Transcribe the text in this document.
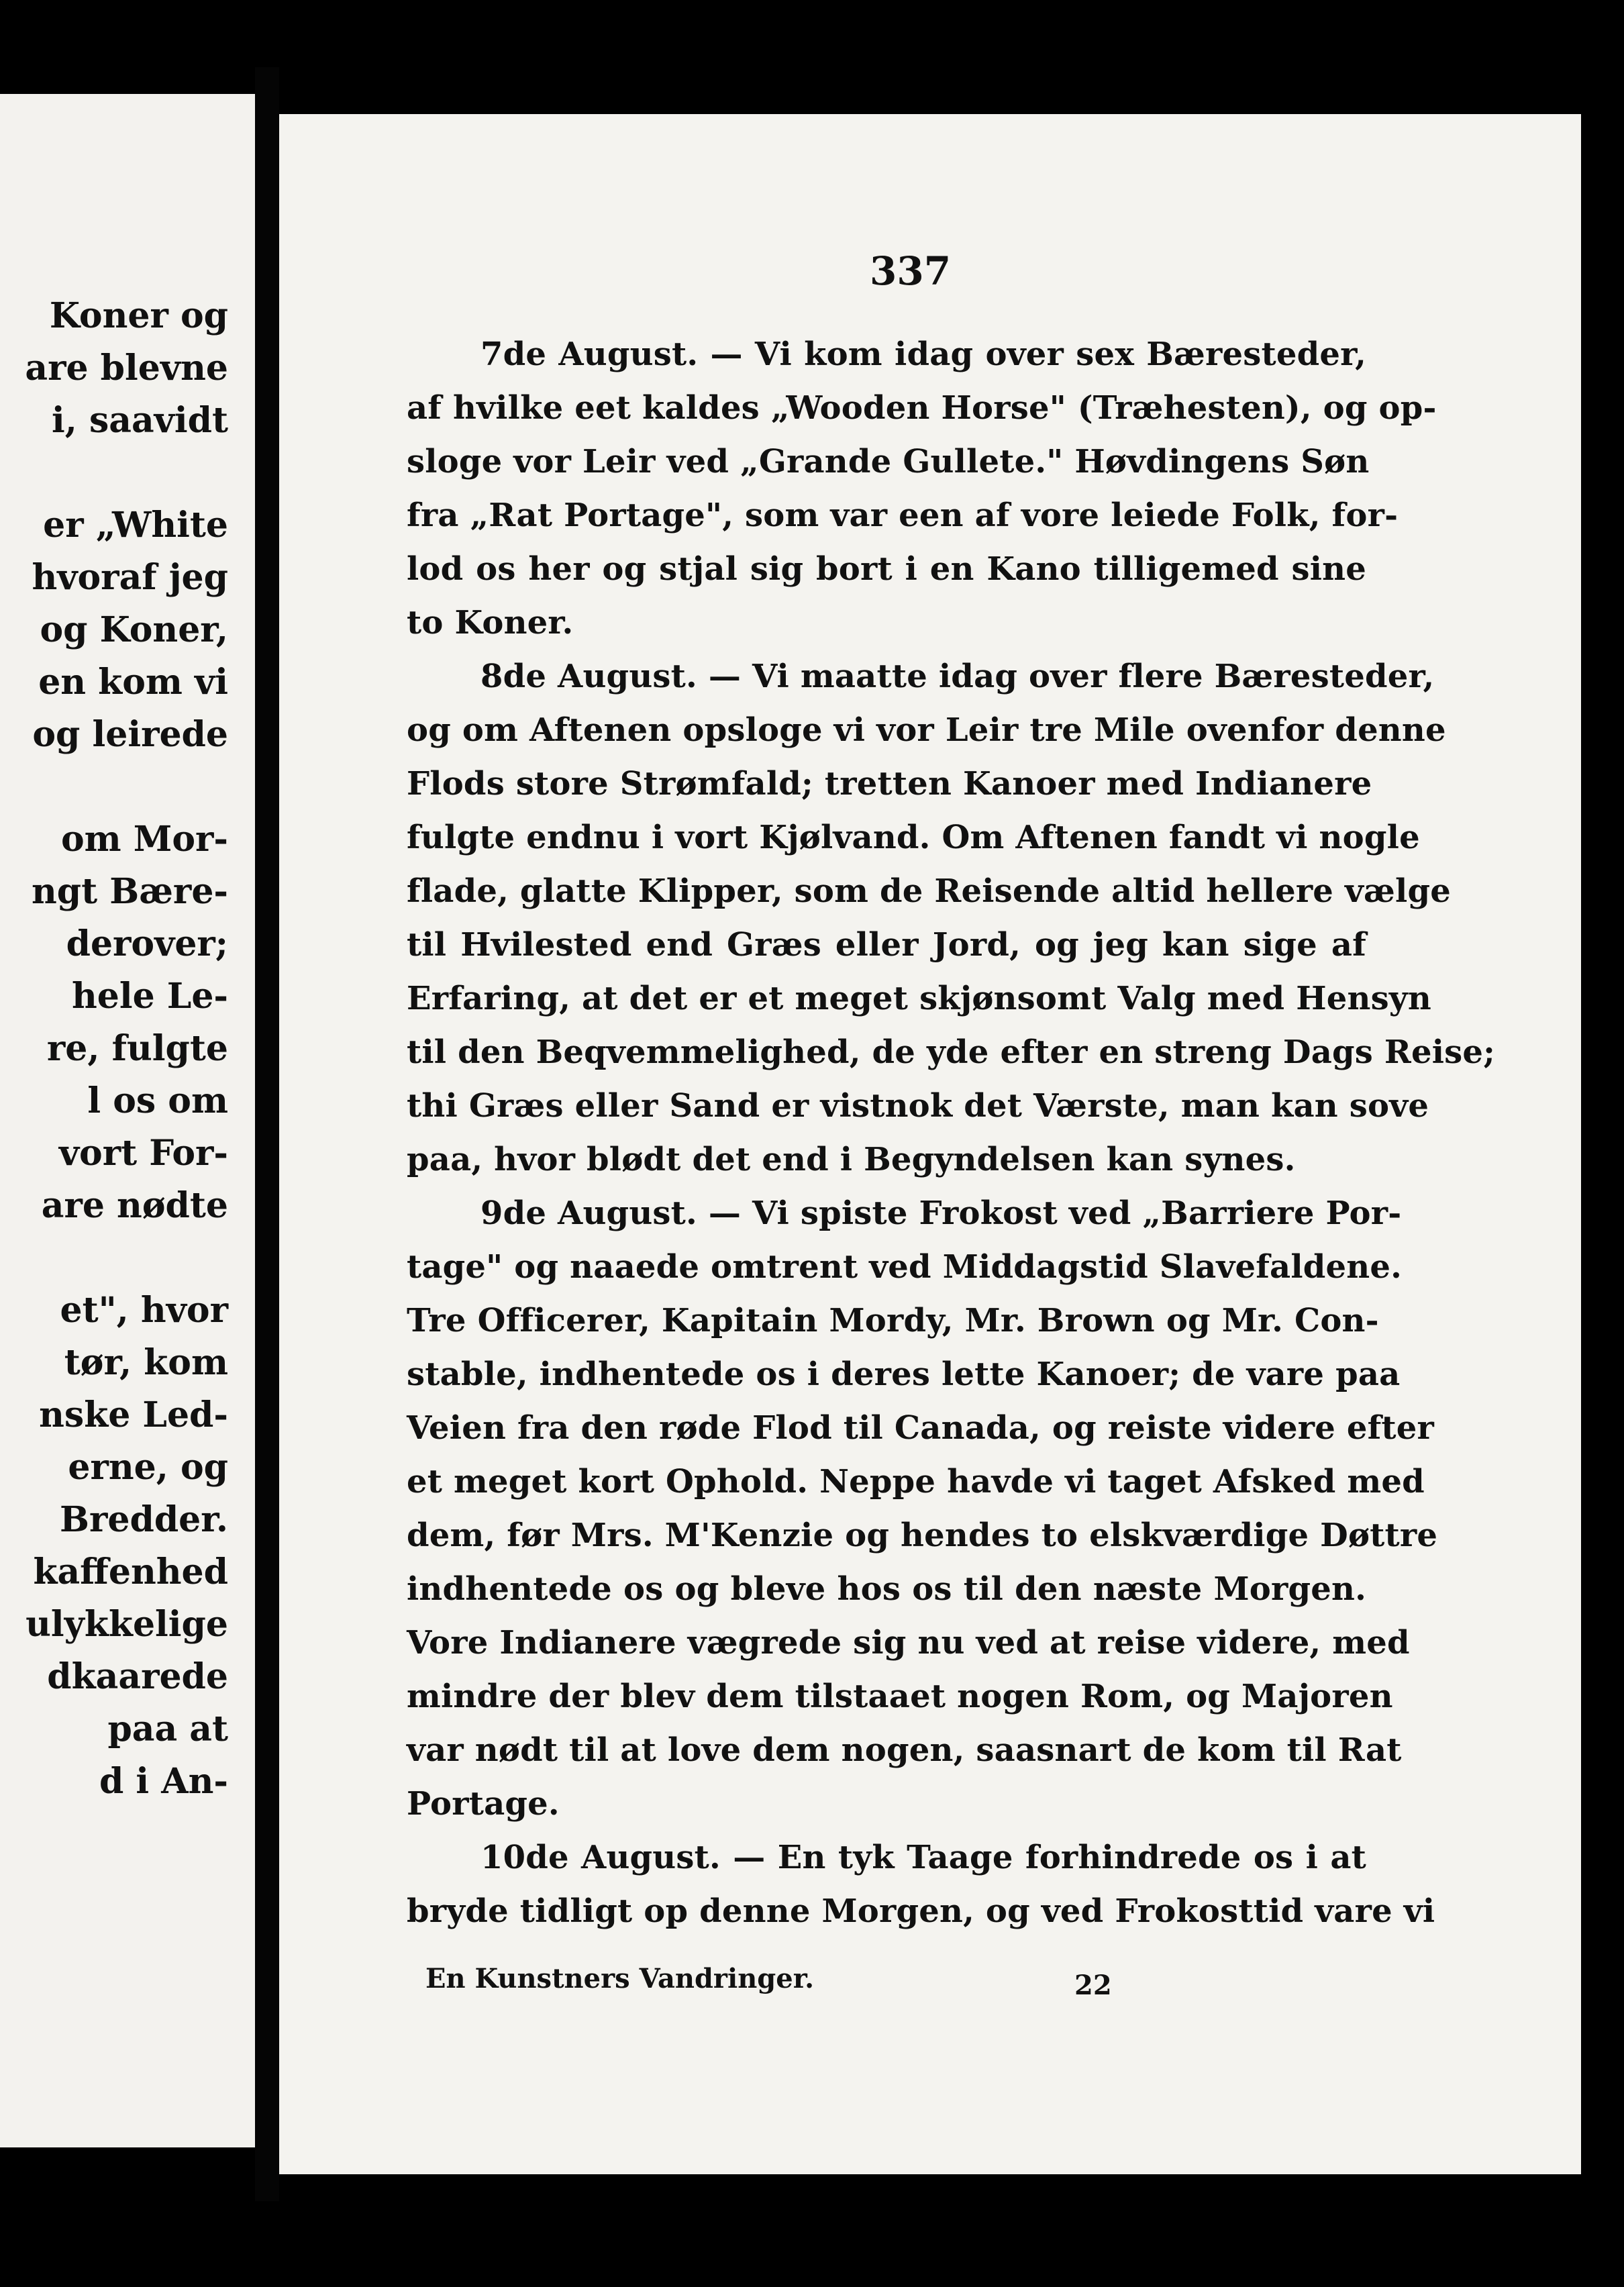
Koner og
are blevne
i, saavidt
er „White
hvoraf jeg
og Koner,
en kom vi
og leirede
om Mor-
ngt Bære-
derover;
hele Le-
re, fulgte
l os om
vort For-
are nødte
et", hvor
tør, kom
nske Led-
erne, og
Bredder.
kaffenhed
ulykkelige
dkaarede
paa at
d i An-
337
7de August. — Vi kom idag over sex Bæresteder,
af hvilke eet kaldes „Wooden Horse" (Træhesten), og op-
sloge vor Leir ved „Grande Gullete." Høvdingens Søn
fra „Rat Portage", som var een af vore leiede Folk, for-
lod os her og stjal sig bort i en Kano tilligemed sine
to Koner.
8de August. — Vi maatte idag over flere Bæresteder,
og om Aftenen opsloge vi vor Leir tre Mile ovenfor denne
Flods store Strømfald; tretten Kanoer med Indianere
fulgte endnu i vort Kjølvand. Om Aftenen fandt vi nogle
flade, glatte Klipper, som de Reisende altid hellere vælge
til Hvilested end Græs eller Jord, og jeg kan sige af
Erfaring, at det er et meget skjønsomt Valg med Hensyn
til den Beqvemmelighed, de yde efter en streng Dags Reise;
thi Græs eller Sand er vistnok det Værste, man kan sove
paa, hvor blødt det end i Begyndelsen kan synes.
9de August. — Vi spiste Frokost ved „Barriere Por-
tage" og naaede omtrent ved Middagstid Slavefaldene.
Tre Officerer, Kapitain Mordy, Mr. Brown og Mr. Con-
stable, indhentede os i deres lette Kanoer; de vare paa
Veien fra den røde Flod til Canada, og reiste videre efter
et meget kort Ophold. Neppe havde vi taget Afsked med
dem, før Mrs. M'Kenzie og hendes to elskværdige Døttre
indhentede os og bleve hos os til den næste Morgen.
Vore Indianere vægrede sig nu ved at reise videre, med
mindre der blev dem tilstaaet nogen Rom, og Majoren
var nødt til at love dem nogen, saasnart de kom til Rat
Portage.
10de August. — En tyk Taage forhindrede os i at
bryde tidligt op denne Morgen, og ved Frokosttid vare vi
En Kunstners Vandringer.	22
